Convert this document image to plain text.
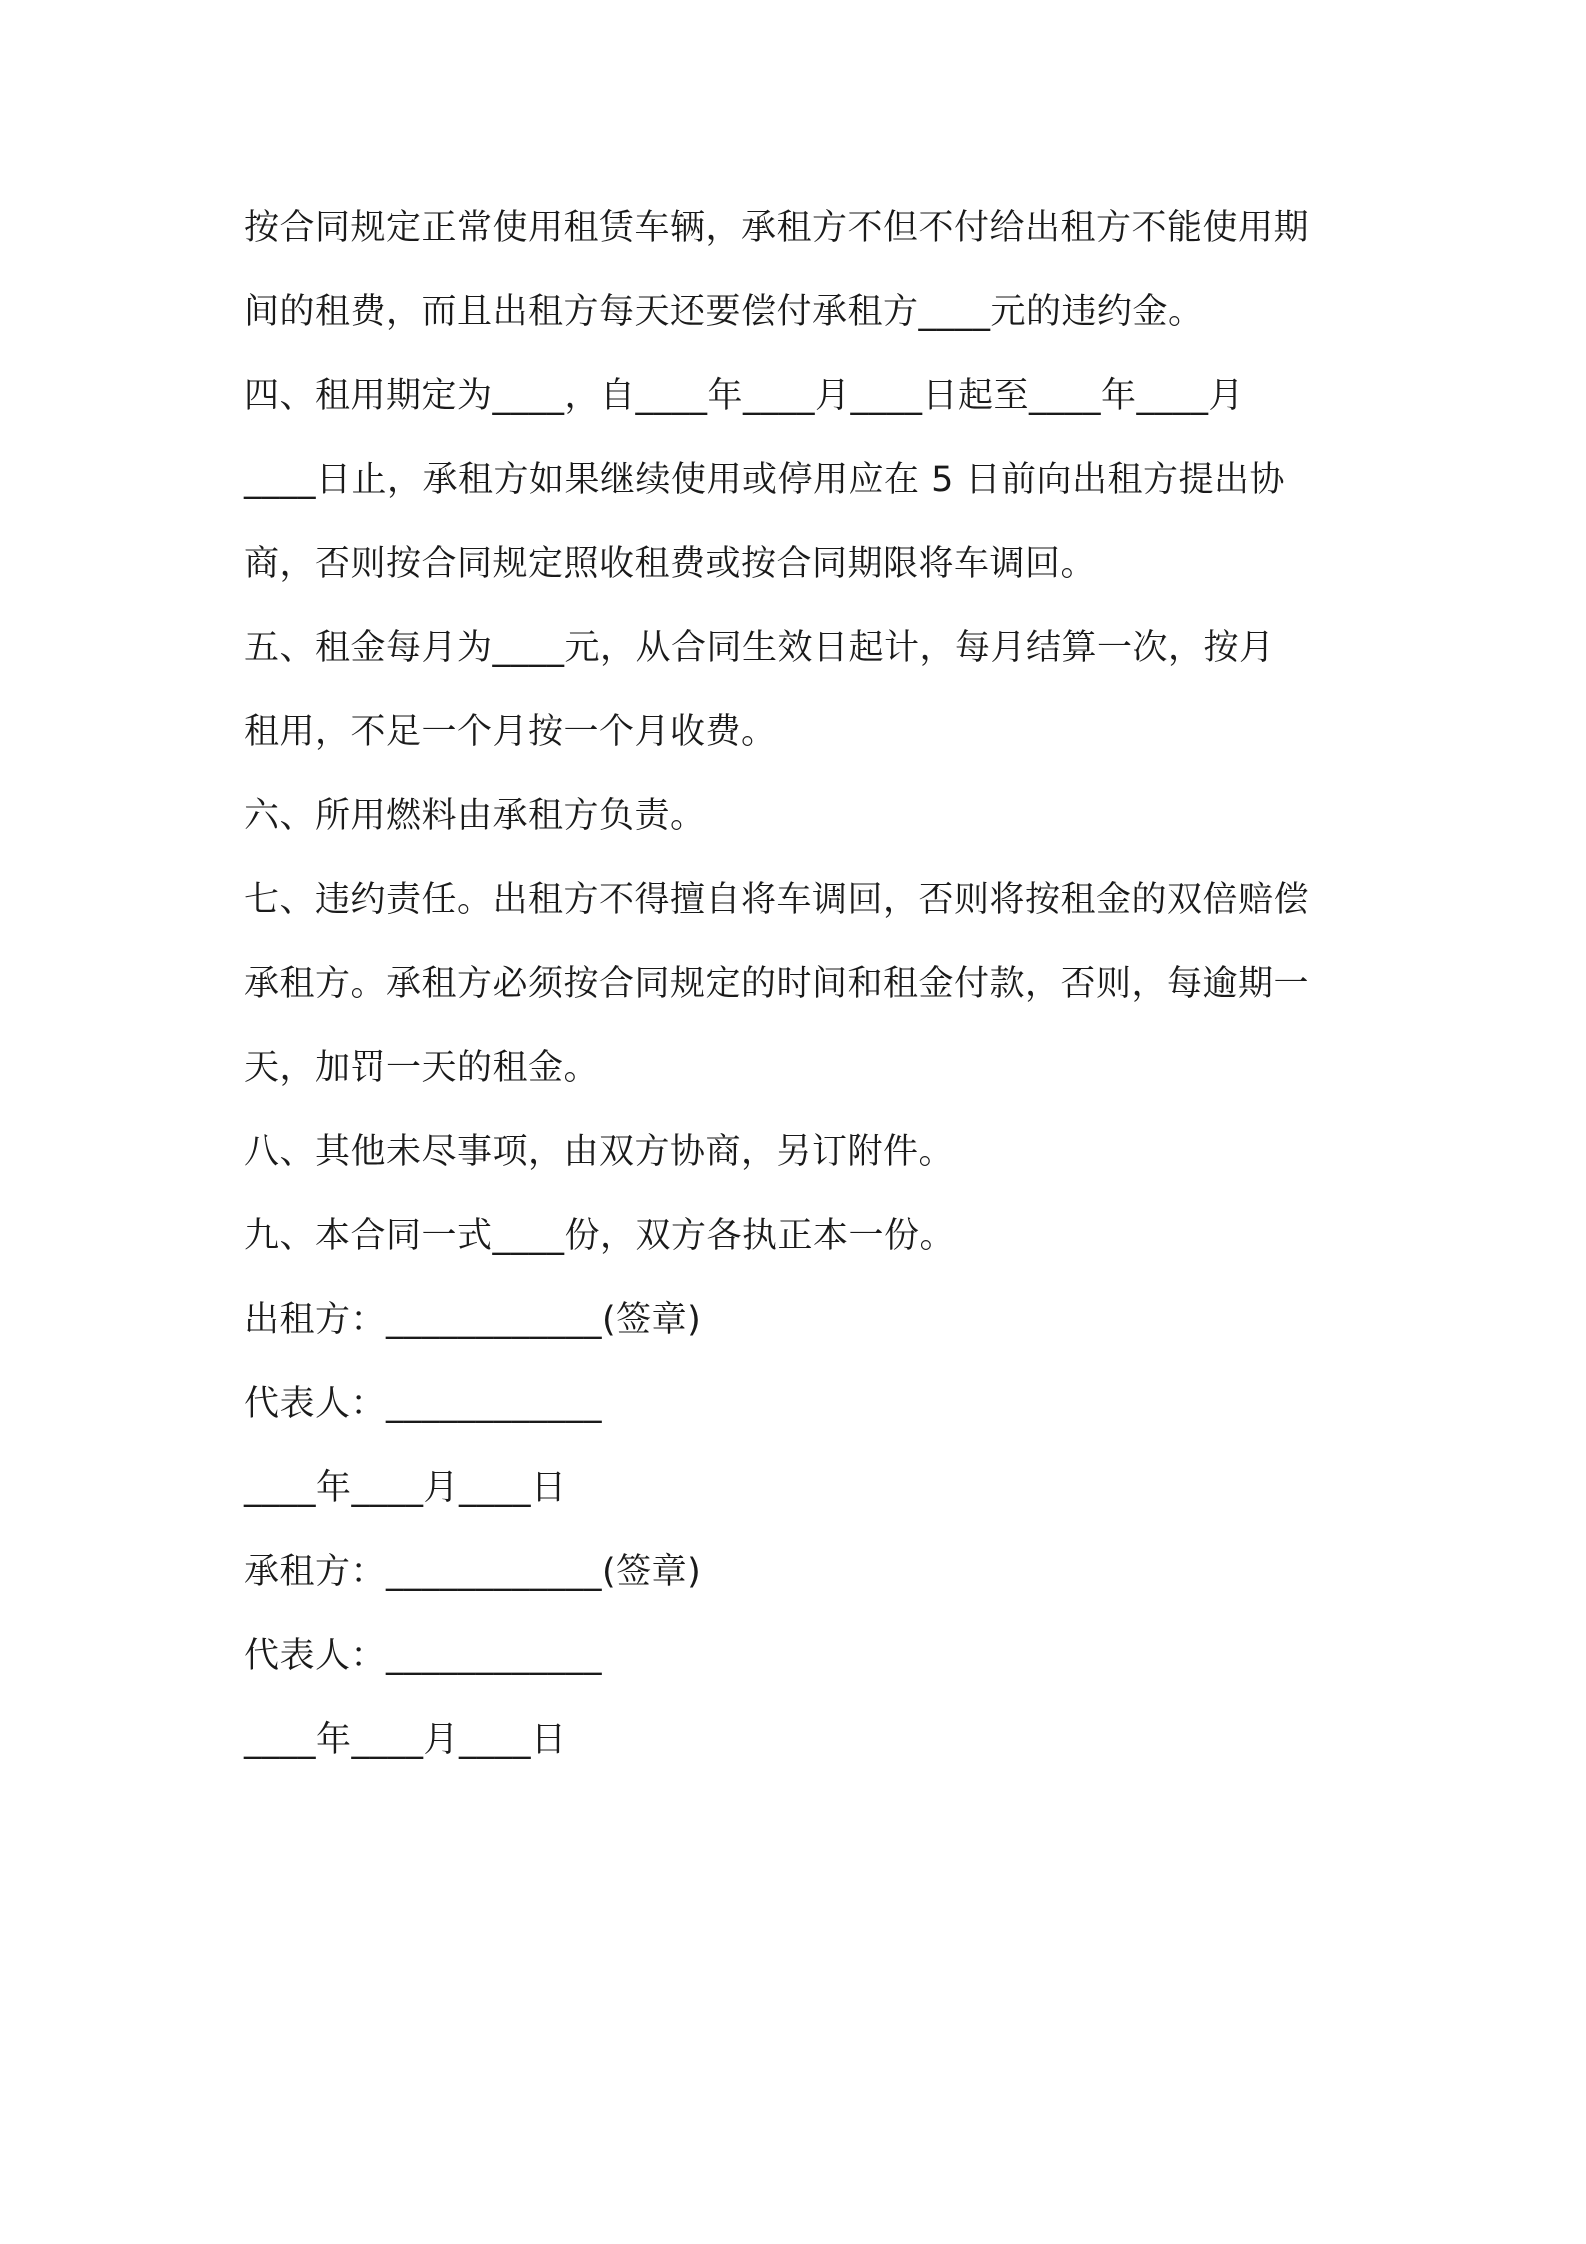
按合同规定正常使用租赁车辆，承租方不但不付给出租方不能使用期
间的租费，而且出租方每天还要偿付承租方____元的违约金。
四、租用期定为____，自____年____月____日起至____年____月
____日止，承租方如果继续使用或停用应在 5 日前向出租方提出协
商，否则按合同规定照收租费或按合同期限将车调回。
五、租金每月为____元，从合同生效日起计，每月结算一次，按月
租用，不足一个月按一个月收费。
六、所用燃料由承租方负责。
七、违约责任。出租方不得擅自将车调回，否则将按租金的双倍赔偿
承租方。承租方必须按合同规定的时间和租金付款，否则，每逾期一
天，加罚一天的租金。
八、其他未尽事项，由双方协商，另订附件。
九、本合同一式____份，双方各执正本一份。
出租方：____________(签章)
代表人：____________
____年____月____日
承租方：____________(签章)
代表人：____________
____年____月____日
